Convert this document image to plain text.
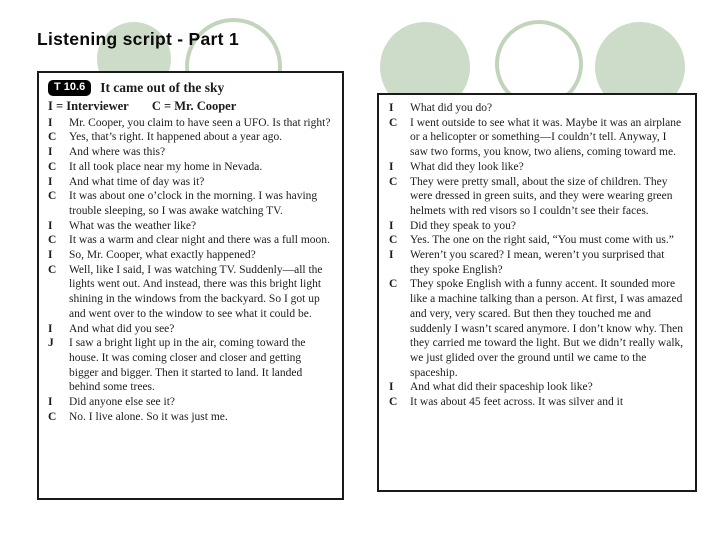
Listening script - Part 1
T 10.6	It came out of the sky
I = Interviewer C = Mr. Cooper
I	Mr. Cooper, you claim to have seen a UFO. Is that right?
C	Yes, that’s right. It happened about a year ago.
I	And where was this?
C	It all took place near my home in Nevada.
I	And what time of day was it?
C	It was about one o’clock in the morning. I was having trouble sleeping, so I was awake watching TV.
I	What was the weather like?
C	It was a warm and clear night and there was a full moon.
I	So, Mr. Cooper, what exactly happened?
C	Well, like I said, I was watching TV. Suddenly—all the lights went out. And instead, there was this bright light shining in the windows from the backyard. So I got up and went over to the window to see what it could be.
I	And what did you see?
J	I saw a bright light up in the air, coming toward the house. It was coming closer and closer and getting bigger and bigger. Then it started to land. It landed behind some trees.
I	Did anyone else see it?
C	No. I live alone. So it was just me.
I	What did you do?
C	I went outside to see what it was. Maybe it was an airplane or a helicopter or something—I couldn’t tell. Anyway, I saw two forms, you know, two aliens, coming toward me.
I	What did they look like?
C	They were pretty small, about the size of children. They were dressed in green suits, and they were wearing green helmets with red visors so I couldn’t see their faces.
I	Did they speak to you?
C	Yes. The one on the right said, “You must come with us.”
I	Weren’t you scared? I mean, weren’t you surprised that they spoke English?
C	They spoke English with a funny accent. It sounded more like a machine talking than a person. At first, I was amazed and very, very scared. But then they touched me and suddenly I wasn’t scared anymore. I don’t know why. Then they carried me toward the light. But we didn’t really walk, we just glided over the ground until we came to the spaceship.
I	And what did their spaceship look like?
C	It was about 45 feet across. It was silver and it
